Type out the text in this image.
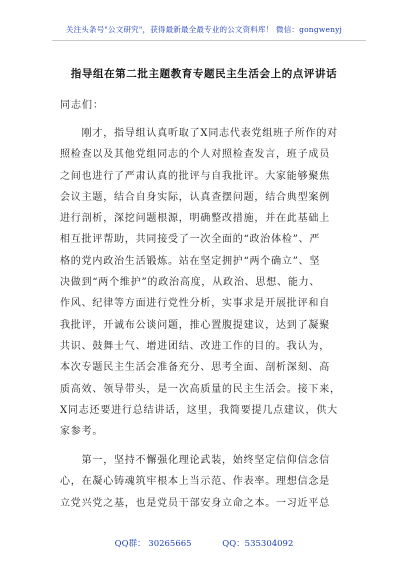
关注头条号"公文研究"，获得最新最全最专业的公文资料库！ 微信：gongwenyj
指导组在第二批主题教育专题民主生活会上的点评讲话
同志们：
　　刚才，指导组认真听取了X同志代表党组班子所作的对
照检查以及其他党组同志的个人对照检查发言，班子成员
之间也进行了严肃认真的批评与自我批评。大家能够聚焦
会议主题，结合自身实际，认真查摆问题，结合典型案例
进行剖析，深挖问题根源，明确整改措施，并在此基础上
相互批评帮助，共同接受了一次全面的“政治体检”、严
格的党内政治生活锻炼。站在坚定拥护“两个确立”、坚
决做到“两个维护”的政治高度，从政治、思想、能力、
作风、纪律等方面进行党性分析，实事求是开展批评和自
我批评，开诚布公谈问题，推心置腹提建议，达到了凝聚
共识、鼓舞士气、增进团结、改进工作的目的。我认为，
本次专题民主生活会准备充分、思考全面、剖析深刻、高
质高效、领导带头，是一次高质量的民主生活会。接下来，
X同志还要进行总结讲话，这里，我简要提几点建议，供大
家参考。
　　第一，坚持不懈强化理论武装，始终坚定信仰信念信
心，在凝心铸魂筑牢根本上当示范、作表率。理想信念是
立党兴党之基，也是党员干部安身立命之本。一习近平总
QQ群： 30265665	QQ：535304092
